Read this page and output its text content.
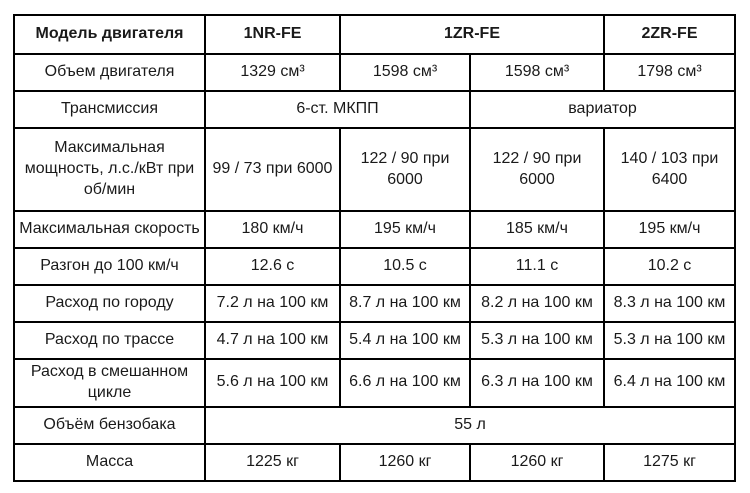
Модель двигателя	1NR-FE	1ZR-FE		2ZR-FE
Объем двигателя	1329 см³	1598 см³	1598 см³	1798 см³
Трансмиссия	6-ст. МКПП		вариатор	
Максимальная мощность, л.с./кВт при об/мин	99 / 73 при 6000	122 / 90 при 6000	122 / 90 при 6000	140 / 103 при 6400
Максимальная скорость	180 км/ч	195 км/ч	185 км/ч	195 км/ч
Разгон до 100 км/ч	12.6 с	10.5 с	11.1 с	10.2 с
Расход по городу	7.2 л на 100 км	8.7 л на 100 км	8.2 л на 100 км	8.3 л на 100 км
Расход по трассе	4.7 л на 100 км	5.4 л на 100 км	5.3 л на 100 км	5.3 л на 100 км
Расход в смешанном цикле	5.6 л на 100 км	6.6 л на 100 км	6.3 л на 100 км	6.4 л на 100 км
Объём бензобака	55 л			
Масса	1225 кг	1260 кг	1260 кг	1275 кг
